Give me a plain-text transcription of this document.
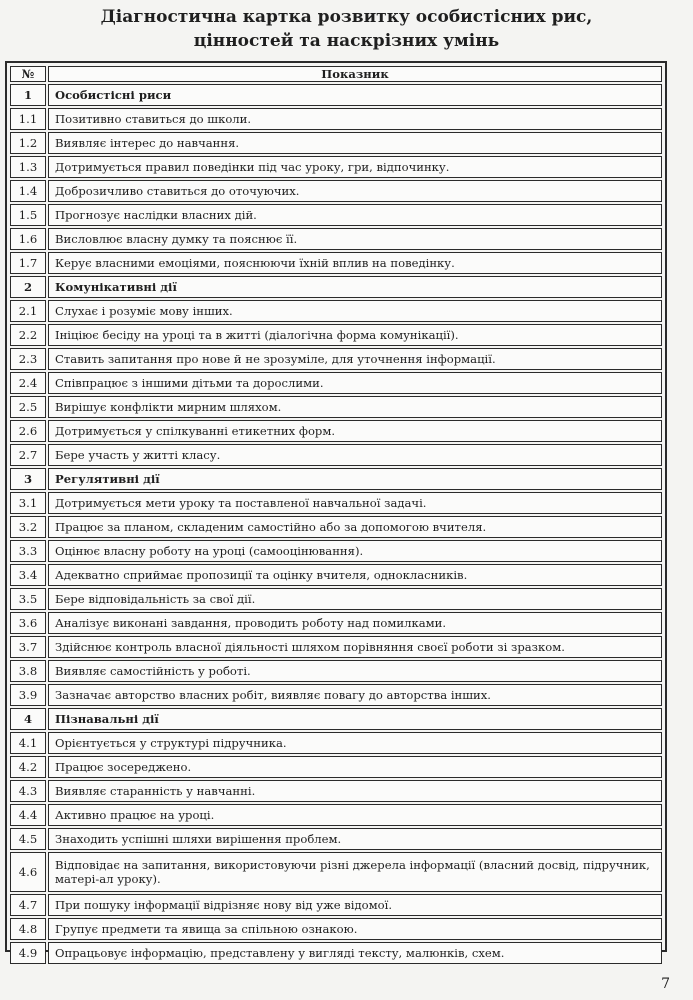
Діагностична картка розвитку особистісних рис,
цінностей та наскрізних умінь
№	Показник
1	Особистісні риси
1.1	Позитивно ставиться до школи.
1.2	Виявляє інтерес до навчання.
1.3	Дотримується правил поведінки під час уроку, гри, відпочинку.
1.4	Доброзичливо ставиться до оточуючих.
1.5	Прогнозує наслідки власних дій.
1.6	Висловлює власну думку та пояснює її.
1.7	Керує власними емоціями, пояснюючи їхній вплив на поведінку.
2	Комунікативні дії
2.1	Слухає і розуміє мову інших.
2.2	Ініціює бесіду на уроці та в житті (діалогічна форма комунікації).
2.3	Ставить запитання про нове й не зрозуміле, для уточнення інформації.
2.4	Співпрацює з іншими дітьми та дорослими.
2.5	Вирішує конфлікти мирним шляхом.
2.6	Дотримується у спілкуванні етикетних форм.
2.7	Бере участь у житті класу.
3	Регулятивні дії
3.1	Дотримується мети уроку та поставленої навчальної задачі.
3.2	Працює за планом, складеним самостійно або за допомогою вчителя.
3.3	Оцінює власну роботу на уроці (самооцінювання).
3.4	Адекватно сприймає пропозиції та оцінку вчителя, однокласників.
3.5	Бере відповідальність за свої дії.
3.6	Аналізує виконані завдання, проводить роботу над помилками.
3.7	Здійснює контроль власної діяльності шляхом порівняння своєї роботи зі зразком.
3.8	Виявляє самостійність у роботі.
3.9	Зазначає авторство власних робіт, виявляє повагу до авторства інших.
4	Пізнавальні дії
4.1	Орієнтується у структурі підручника.
4.2	Працює зосереджено.
4.3	Виявляє старанність у навчанні.
4.4	Активно працює на уроці.
4.5	Знаходить успішні шляхи вирішення проблем.
4.6	Відповідає на запитання, використовуючи різні джерела інформації (власний досвід, підручник, матері-ал уроку).
4.7	При пошуку інформації відрізняє нову від уже відомої.
4.8	Групує предмети та явища за спільною ознакою.
4.9	Опрацьовує інформацію, представлену у вигляді тексту, малюнків, схем.
7
